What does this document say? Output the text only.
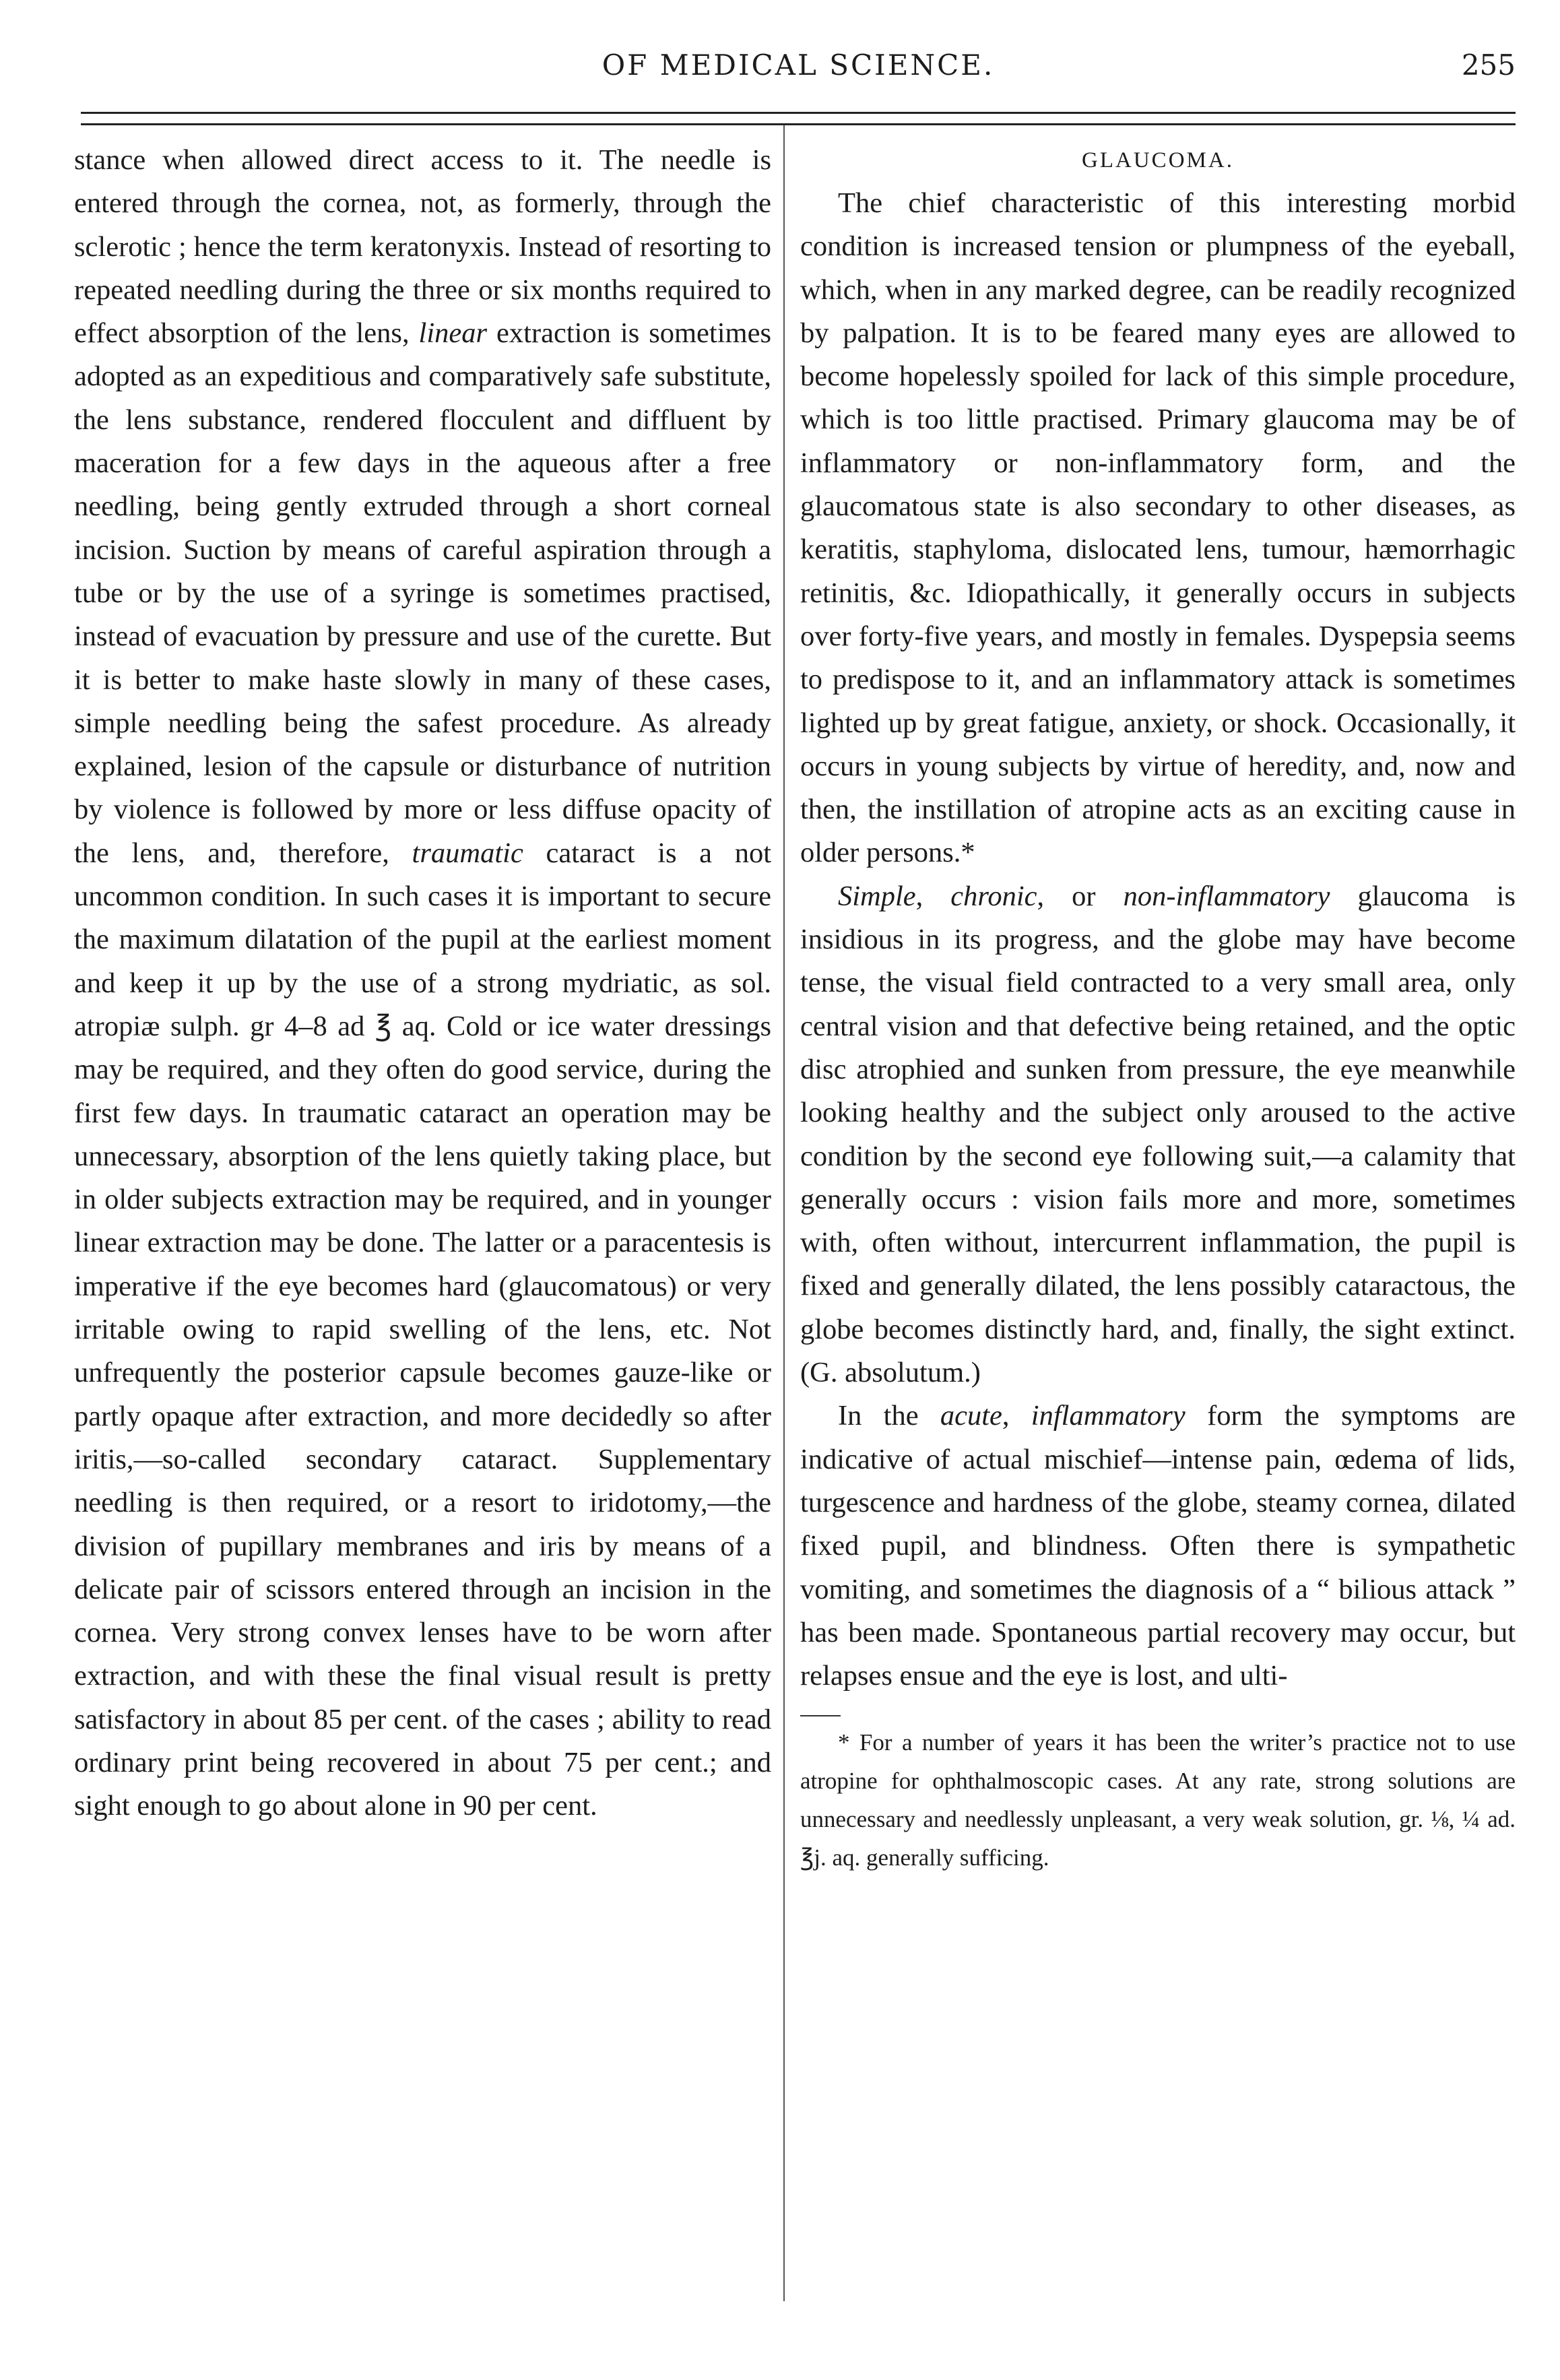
OF MEDICAL SCIENCE.	255

stance when allowed direct access to it. The needle is entered through the cornea, not, as formerly, through the sclerotic ; hence the term keratonyxis. Instead of resorting to repeated needling during the three or six months required to effect absorption of the lens, linear extraction is sometimes adopted as an expeditious and comparatively safe substitute, the lens substance, rendered flocculent and diffluent by maceration for a few days in the aqueous after a free needling, being gently extruded through a short corneal incision. Suction by means of careful aspiration through a tube or by the use of a syringe is sometimes practised, instead of evacuation by pressure and use of the curette. But it is better to make haste slowly in many of these cases, simple needling being the safest procedure. As already explained, lesion of the capsule or disturbance of nutrition by violence is followed by more or less diffuse opacity of the lens, and, therefore, traumatic cataract is a not uncommon condition. In such cases it is important to secure the maximum dilatation of the pupil at the earliest moment and keep it up by the use of a strong mydriatic, as sol. atropiæ sulph. gr 4–8 ad ℥ aq. Cold or ice water dressings may be required, and they often do good service, during the first few days. In traumatic cataract an operation may be unnecessary, absorption of the lens quietly taking place, but in older subjects extraction may be required, and in younger linear extraction may be done. The latter or a paracentesis is imperative if the eye becomes hard (glaucomatous) or very irritable owing to rapid swelling of the lens, etc. Not unfrequently the posterior capsule becomes gauze-like or partly opaque after extraction, and more decidedly so after iritis,—so-called secondary cataract. Supplementary needling is then required, or a resort to iridotomy,—the division of pupillary membranes and iris by means of a delicate pair of scissors entered through an incision in the cornea. Very strong convex lenses have to be worn after extraction, and with these the final visual result is pretty satisfactory in about 85 per cent. of the cases ; ability to read ordinary print being recovered in about 75 per cent.; and sight enough to go about alone in 90 per cent.

GLAUCOMA.

The chief characteristic of this interesting morbid condition is increased tension or plumpness of the eyeball, which, when in any marked degree, can be readily recognized by palpation. It is to be feared many eyes are allowed to become hopelessly spoiled for lack of this simple procedure, which is too little practised. Primary glaucoma may be of inflammatory or non-inflammatory form, and the glaucomatous state is also secondary to other diseases, as keratitis, staphyloma, dislocated lens, tumour, hæmorrhagic retinitis, &c. Idiopathically, it generally occurs in subjects over forty-five years, and mostly in females. Dyspepsia seems to predispose to it, and an inflammatory attack is sometimes lighted up by great fatigue, anxiety, or shock. Occasionally, it occurs in young subjects by virtue of heredity, and, now and then, the instillation of atropine acts as an exciting cause in older persons.*

Simple, chronic, or non-inflammatory glaucoma is insidious in its progress, and the globe may have become tense, the visual field contracted to a very small area, only central vision and that defective being retained, and the optic disc atrophied and sunken from pressure, the eye meanwhile looking healthy and the subject only aroused to the active condition by the second eye following suit,—a calamity that generally occurs : vision fails more and more, sometimes with, often without, intercurrent inflammation, the pupil is fixed and generally dilated, the lens possibly cataractous, the globe becomes distinctly hard, and, finally, the sight extinct. (G. absolutum.)

In the acute, inflammatory form the symptoms are indicative of actual mischief—intense pain, œdema of lids, turgescence and hardness of the globe, steamy cornea, dilated fixed pupil, and blindness. Often there is sympathetic vomiting, and sometimes the diagnosis of a “ bilious attack ” has been made. Spontaneous partial recovery may occur, but relapses ensue and the eye is lost, and ulti-

* For a number of years it has been the writer’s practice not to use atropine for ophthalmoscopic cases. At any rate, strong solutions are unnecessary and needlessly unpleasant, a very weak solution, gr. ⅛, ¼ ad. ℥j. aq. generally sufficing.
